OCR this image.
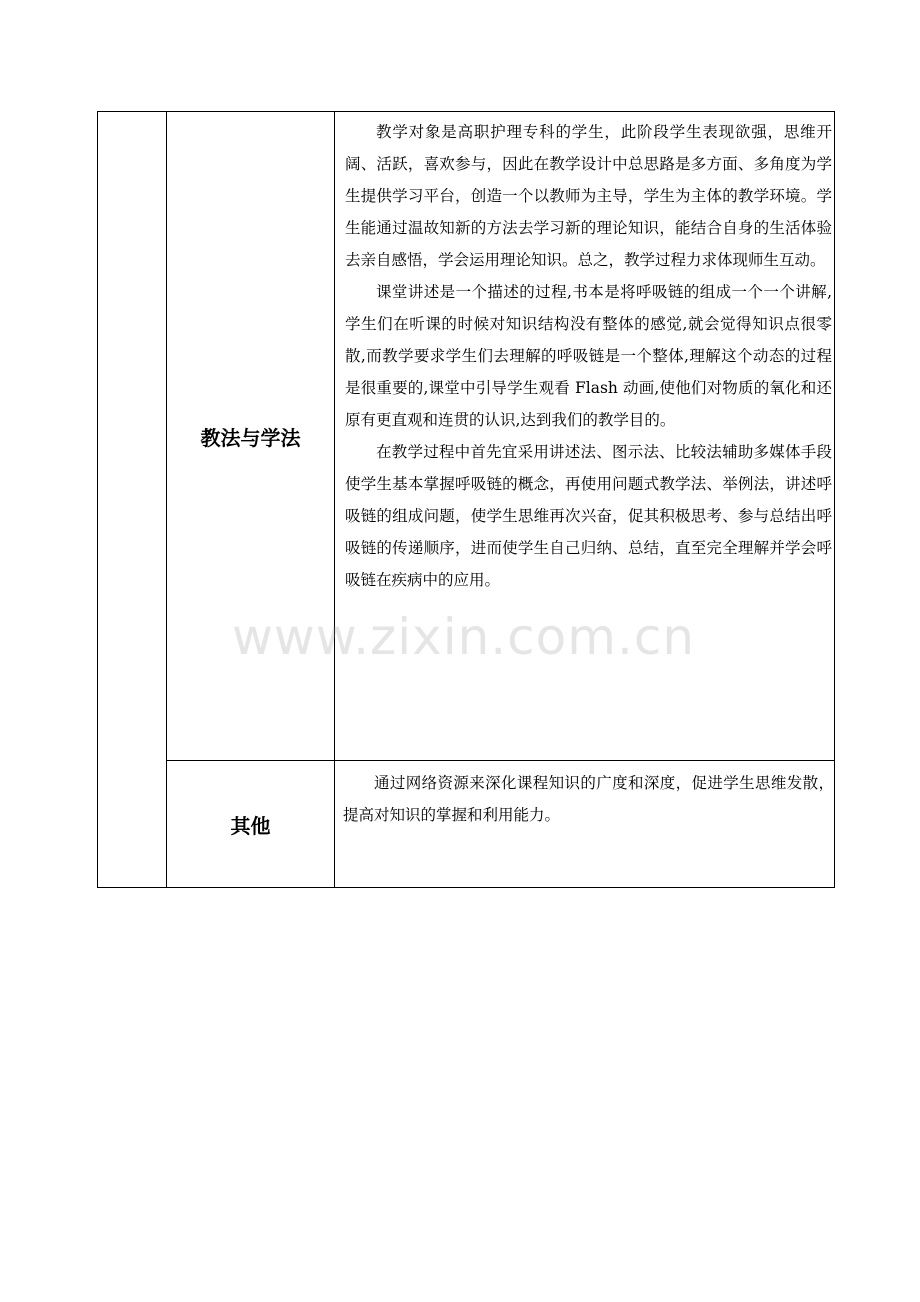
	教法与学法	教学对象是高职护理专科的学生，此阶段学生表现欲强，思维开阔、活跃，喜欢参与，因此在教学设计中总思路是多方面、多角度为学生提供学习平台，创造一个以教师为主导，学生为主体的教学环境。学生能通过温故知新的方法去学习新的理论知识，能结合自身的生活体验去亲自感悟，学会运用理论知识。总之，教学过程力求体现师生互动。

课堂讲述是一个描述的过程,书本是将呼吸链的组成一个一个讲解,学生们在听课的时候对知识结构没有整体的感觉,就会觉得知识点很零散,而教学要求学生们去理解的呼吸链是一个整体,理解这个动态的过程是很重要的,课堂中引导学生观看 Flash 动画,使他们对物质的氧化和还原有更直观和连贯的认识,达到我们的教学目的。

在教学过程中首先宜采用讲述法、图示法、比较法辅助多媒体手段使学生基本掌握呼吸链的概念，再使用问题式教学法、举例法，讲述呼吸链的组成问题，使学生思维再次兴奋，促其积极思考、参与总结出呼吸链的传递顺序，进而使学生自己归纳、总结，直至完全理解并学会呼吸链在疾病中的应用。

	其他	通过网络资源来深化课程知识的广度和深度，促进学生思维发散，提高对知识的掌握和利用能力。

www.zixin.com.cn
